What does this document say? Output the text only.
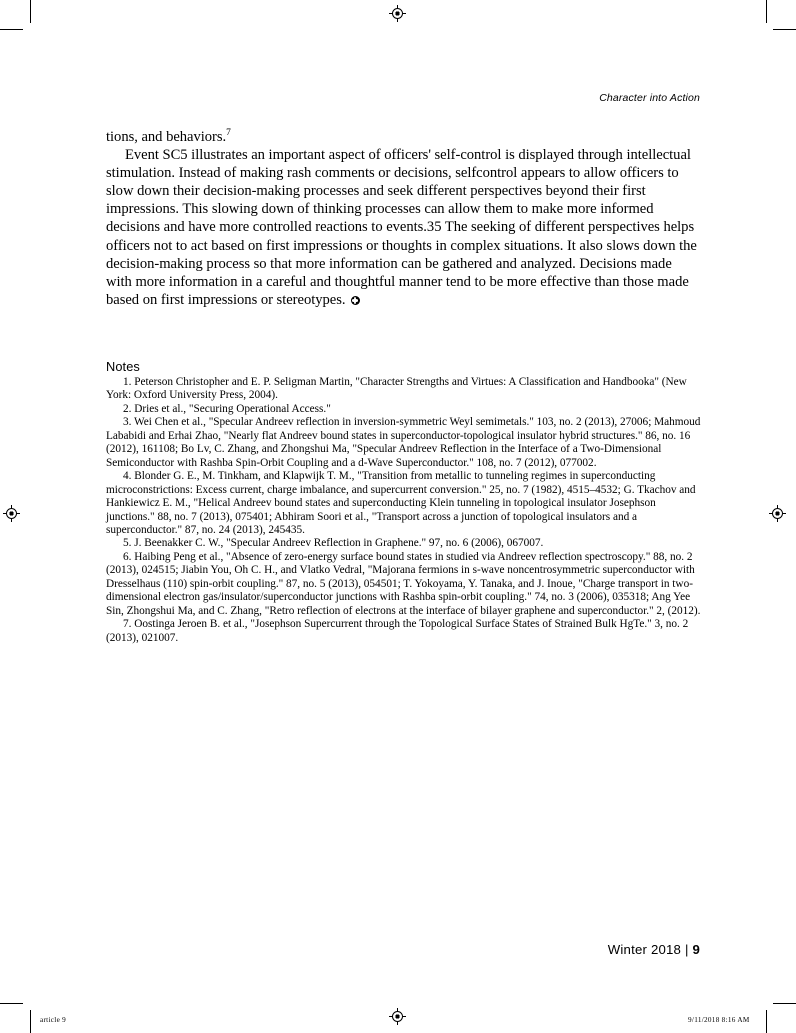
Character into Action

tions, and behaviors.$^7$

Event SC5 illustrates an important aspect of officers' self-control is displayed through intellectual stimulation. Instead of making rash comments or decisions, selfcontrol appears to allow officers to slow down their decision-making processes and seek different perspectives beyond their first impressions. This slowing down of thinking processes can allow them to make more informed decisions and have more controlled reactions to events.35 The seeking of different perspectives helps officers not to act based on first impressions or thoughts in complex situations. It also slows down the decision-making process so that more information can be gathered and analyzed. Decisions made with more information in a careful and thoughtful manner tend to be more effective than those made based on first impressions or stereotypes.

Notes

1. Peterson Christopher and E. P. Seligman Martin, "Character Strengths and Virtues: A Classification and Handbooka" (New York: Oxford University Press, 2004).

2. Dries et al., "Securing Operational Access."

3. Wei Chen et al., "Specular Andreev reflection in inversion-symmetric Weyl semimetals." 103, no. 2 (2013), 27006; Mahmoud Lababidi and Erhai Zhao, "Nearly flat Andreev bound states in superconductor-topological insulator hybrid structures." 86, no. 16 (2012), 161108; Bo Lv, C. Zhang, and Zhongshui Ma, "Specular Andreev Reflection in the Interface of a Two-Dimensional Semiconductor with Rashba Spin-Orbit Coupling and a d-Wave Superconductor." 108, no. 7 (2012), 077002.

4. Blonder G. E., M. Tinkham, and Klapwijk T. M., "Transition from metallic to tunneling regimes in superconducting microconstrictions: Excess current, charge imbalance, and supercurrent conversion." 25, no. 7 (1982), 4515–4532; G. Tkachov and Hankiewicz E. M., "Helical Andreev bound states and superconducting Klein tunneling in topological insulator Josephson junctions." 88, no. 7 (2013), 075401; Abhiram Soori et al., "Transport across a junction of topological insulators and a superconductor." 87, no. 24 (2013), 245435.

5. J. Beenakker C. W., "Specular Andreev Reflection in Graphene." 97, no. 6 (2006), 067007.

6. Haibing Peng et al., "Absence of zero-energy surface bound states in studied via Andreev reflection spectroscopy." 88, no. 2 (2013), 024515; Jiabin You, Oh C. H., and Vlatko Vedral, "Majorana fermions in s-wave noncentrosymmetric superconductor with Dresselhaus (110) spin-orbit coupling." 87, no. 5 (2013), 054501; T. Yokoyama, Y. Tanaka, and J. Inoue, "Charge transport in two-dimensional electron gas/insulator/superconductor junctions with Rashba spin-orbit coupling." 74, no. 3 (2006), 035318; Ang Yee Sin, Zhongshui Ma, and C. Zhang, "Retro reflection of electrons at the interface of bilayer graphene and superconductor." 2, (2012).

7. Oostinga Jeroen B. et al., "Josephson Supercurrent through the Topological Surface States of Strained Bulk HgTe." 3, no. 2 (2013), 021007.

Winter 2018 | 9
article 9	9/11/2018 8:16 AM
